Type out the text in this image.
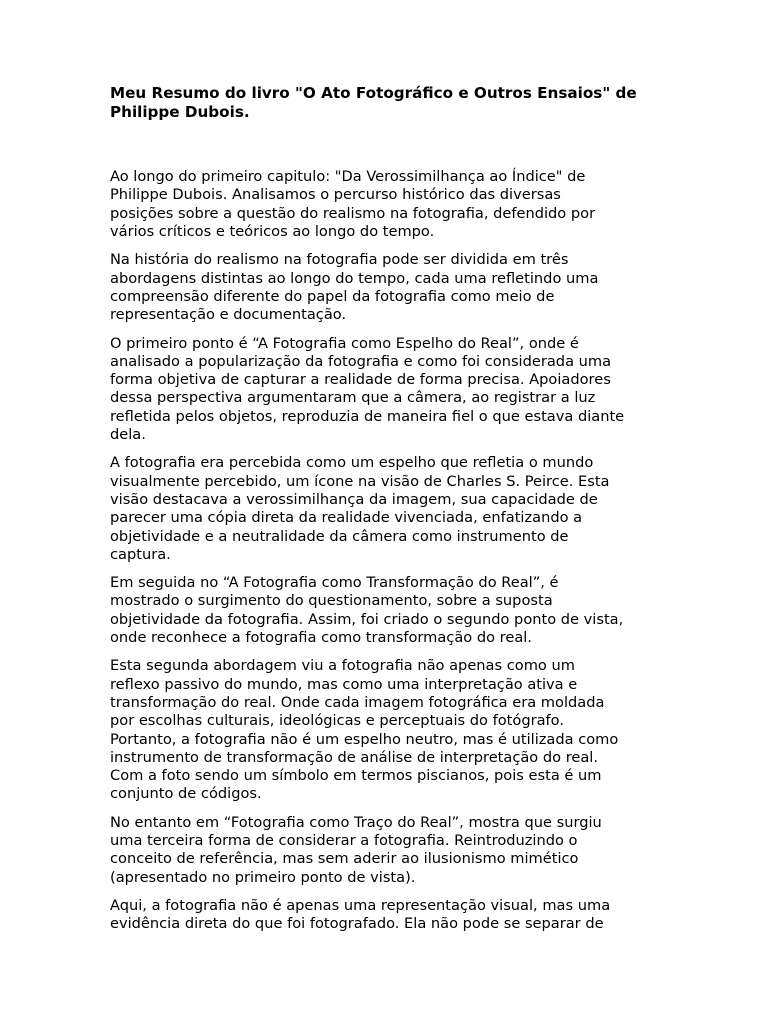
Meu Resumo do livro "O Ato Fotográfico e Outros Ensaios" de
Philippe Dubois.

Ao longo do primeiro capitulo: "Da Verossimilhança ao Índice" de
Philippe Dubois. Analisamos o percurso histórico das diversas
posições sobre a questão do realismo na fotografia, defendido por
vários críticos e teóricos ao longo do tempo.

Na história do realismo na fotografia pode ser dividida em três
abordagens distintas ao longo do tempo, cada uma refletindo uma
compreensão diferente do papel da fotografia como meio de
representação e documentação.

O primeiro ponto é “A Fotografia como Espelho do Real”, onde é
analisado a popularização da fotografia e como foi considerada uma
forma objetiva de capturar a realidade de forma precisa. Apoiadores
dessa perspectiva argumentaram que a câmera, ao registrar a luz
refletida pelos objetos, reproduzia de maneira fiel o que estava diante
dela.

A fotografia era percebida como um espelho que refletia o mundo
visualmente percebido, um ícone na visão de Charles S. Peirce. Esta
visão destacava a verossimilhança da imagem, sua capacidade de
parecer uma cópia direta da realidade vivenciada, enfatizando a
objetividade e a neutralidade da câmera como instrumento de
captura.

Em seguida no “A Fotografia como Transformação do Real”, é
mostrado o surgimento do questionamento, sobre a suposta
objetividade da fotografia. Assim, foi criado o segundo ponto de vista,
onde reconhece a fotografia como transformação do real.

Esta segunda abordagem viu a fotografia não apenas como um
reflexo passivo do mundo, mas como uma interpretação ativa e
transformação do real. Onde cada imagem fotográfica era moldada
por escolhas culturais, ideológicas e perceptuais do fotógrafo.
Portanto, a fotografia não é um espelho neutro, mas é utilizada como
instrumento de transformação de análise de interpretação do real.
Com a foto sendo um símbolo em termos piscianos, pois esta é um
conjunto de códigos.

No entanto em “Fotografia como Traço do Real”, mostra que surgiu
uma terceira forma de considerar a fotografia. Reintroduzindo o
conceito de referência, mas sem aderir ao ilusionismo mimético
(apresentado no primeiro ponto de vista).

Aqui, a fotografia não é apenas uma representação visual, mas uma
evidência direta do que foi fotografado. Ela não pode se separar de
